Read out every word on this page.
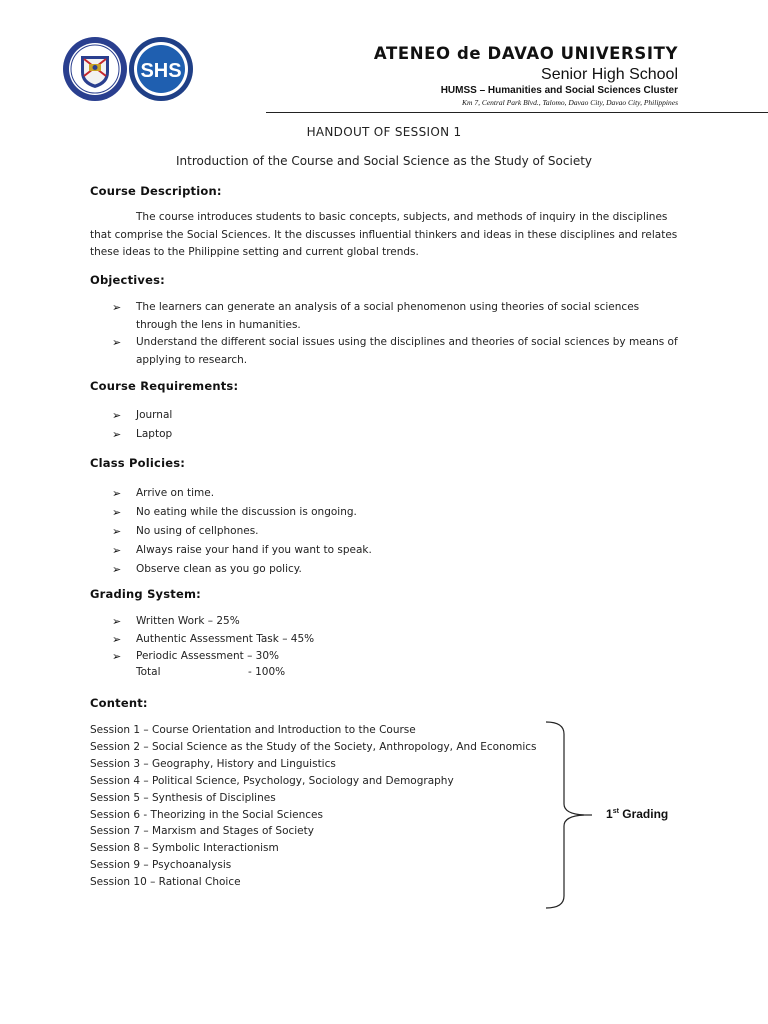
SHS
ATENEO de DAVAO UNIVERSITY
Senior High School
HUMSS – Humanities and Social Sciences Cluster
Km 7, Central Park Blvd., Talomo, Davao City, Davao City, Philippines
HANDOUT OF SESSION 1
Introduction of the Course and Social Science as the Study of Society
Course Description:
The course introduces students to basic concepts, subjects, and methods of inquiry in the disciplines that comprise the Social Sciences. It the discusses influential thinkers and ideas in these disciplines and relates these ideas to the Philippine setting and current global trends.
Objectives:
➢ The learners can generate an analysis of a social phenomenon using theories of social sciences through the lens in humanities.
➢ Understand the different social issues using the disciplines and theories of social sciences by means of applying to research.
Course Requirements:
➢ Journal
➢ Laptop
Class Policies:
➢ Arrive on time.
➢ No eating while the discussion is ongoing.
➢ No using of cellphones.
➢ Always raise your hand if you want to speak.
➢ Observe clean as you go policy.
Grading System:
➢ Written Work – 25%
➢ Authentic Assessment Task – 45%
➢ Periodic Assessment – 30%
Total	- 100%
Content:
Session 1 – Course Orientation and Introduction to the Course
Session 2 – Social Science as the Study of the Society, Anthropology, And Economics
Session 3 – Geography, History and Linguistics
Session 4 – Political Science, Psychology, Sociology and Demography
Session 5 – Synthesis of Disciplines
Session 6 - Theorizing in the Social Sciences
Session 7 – Marxism and Stages of Society
Session 8 – Symbolic Interactionism
Session 9 – Psychoanalysis
Session 10 – Rational Choice
1st Grading
